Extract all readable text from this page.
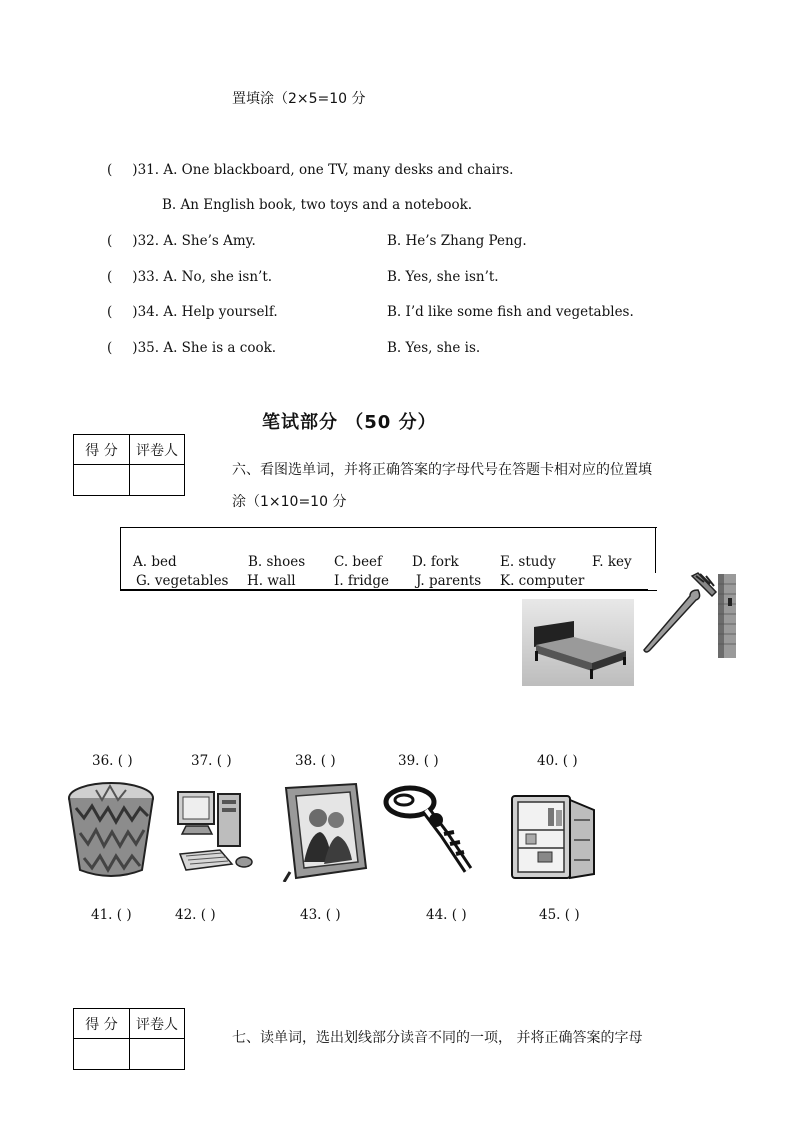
置填涂（2×5=10 分
( )31. A. One blackboard, one TV, many desks and chairs.
B. An English book, two toys and a notebook.
( )32. A. She’s Amy.	B. He’s Zhang Peng.
( )33. A. No, she isn’t.	B. Yes, she isn’t.
( )34. A. Help yourself.	B. I’d like some fish and vegetables.
( )35. A. She is a cook.	B. Yes, she is.
笔试部分 （50 分）
得 分	评卷人

六、看图选单词，并将正确答案的字母代号在答题卡相对应的位置填
涂（1×10=10 分
A. bed	B. shoes C. beef D. fork	E. study	F. key
G. vegetables H. wall	I. fridge J. parents K. computer
36. ( )	37. ( )	38. ( )	39. ( )	40. ( )
41. ( )	42. ( )	43. ( )	44. ( )	45. ( )
得 分	评卷人

七、读单词，选出划线部分读音不同的一项， 并将正确答案的字母
